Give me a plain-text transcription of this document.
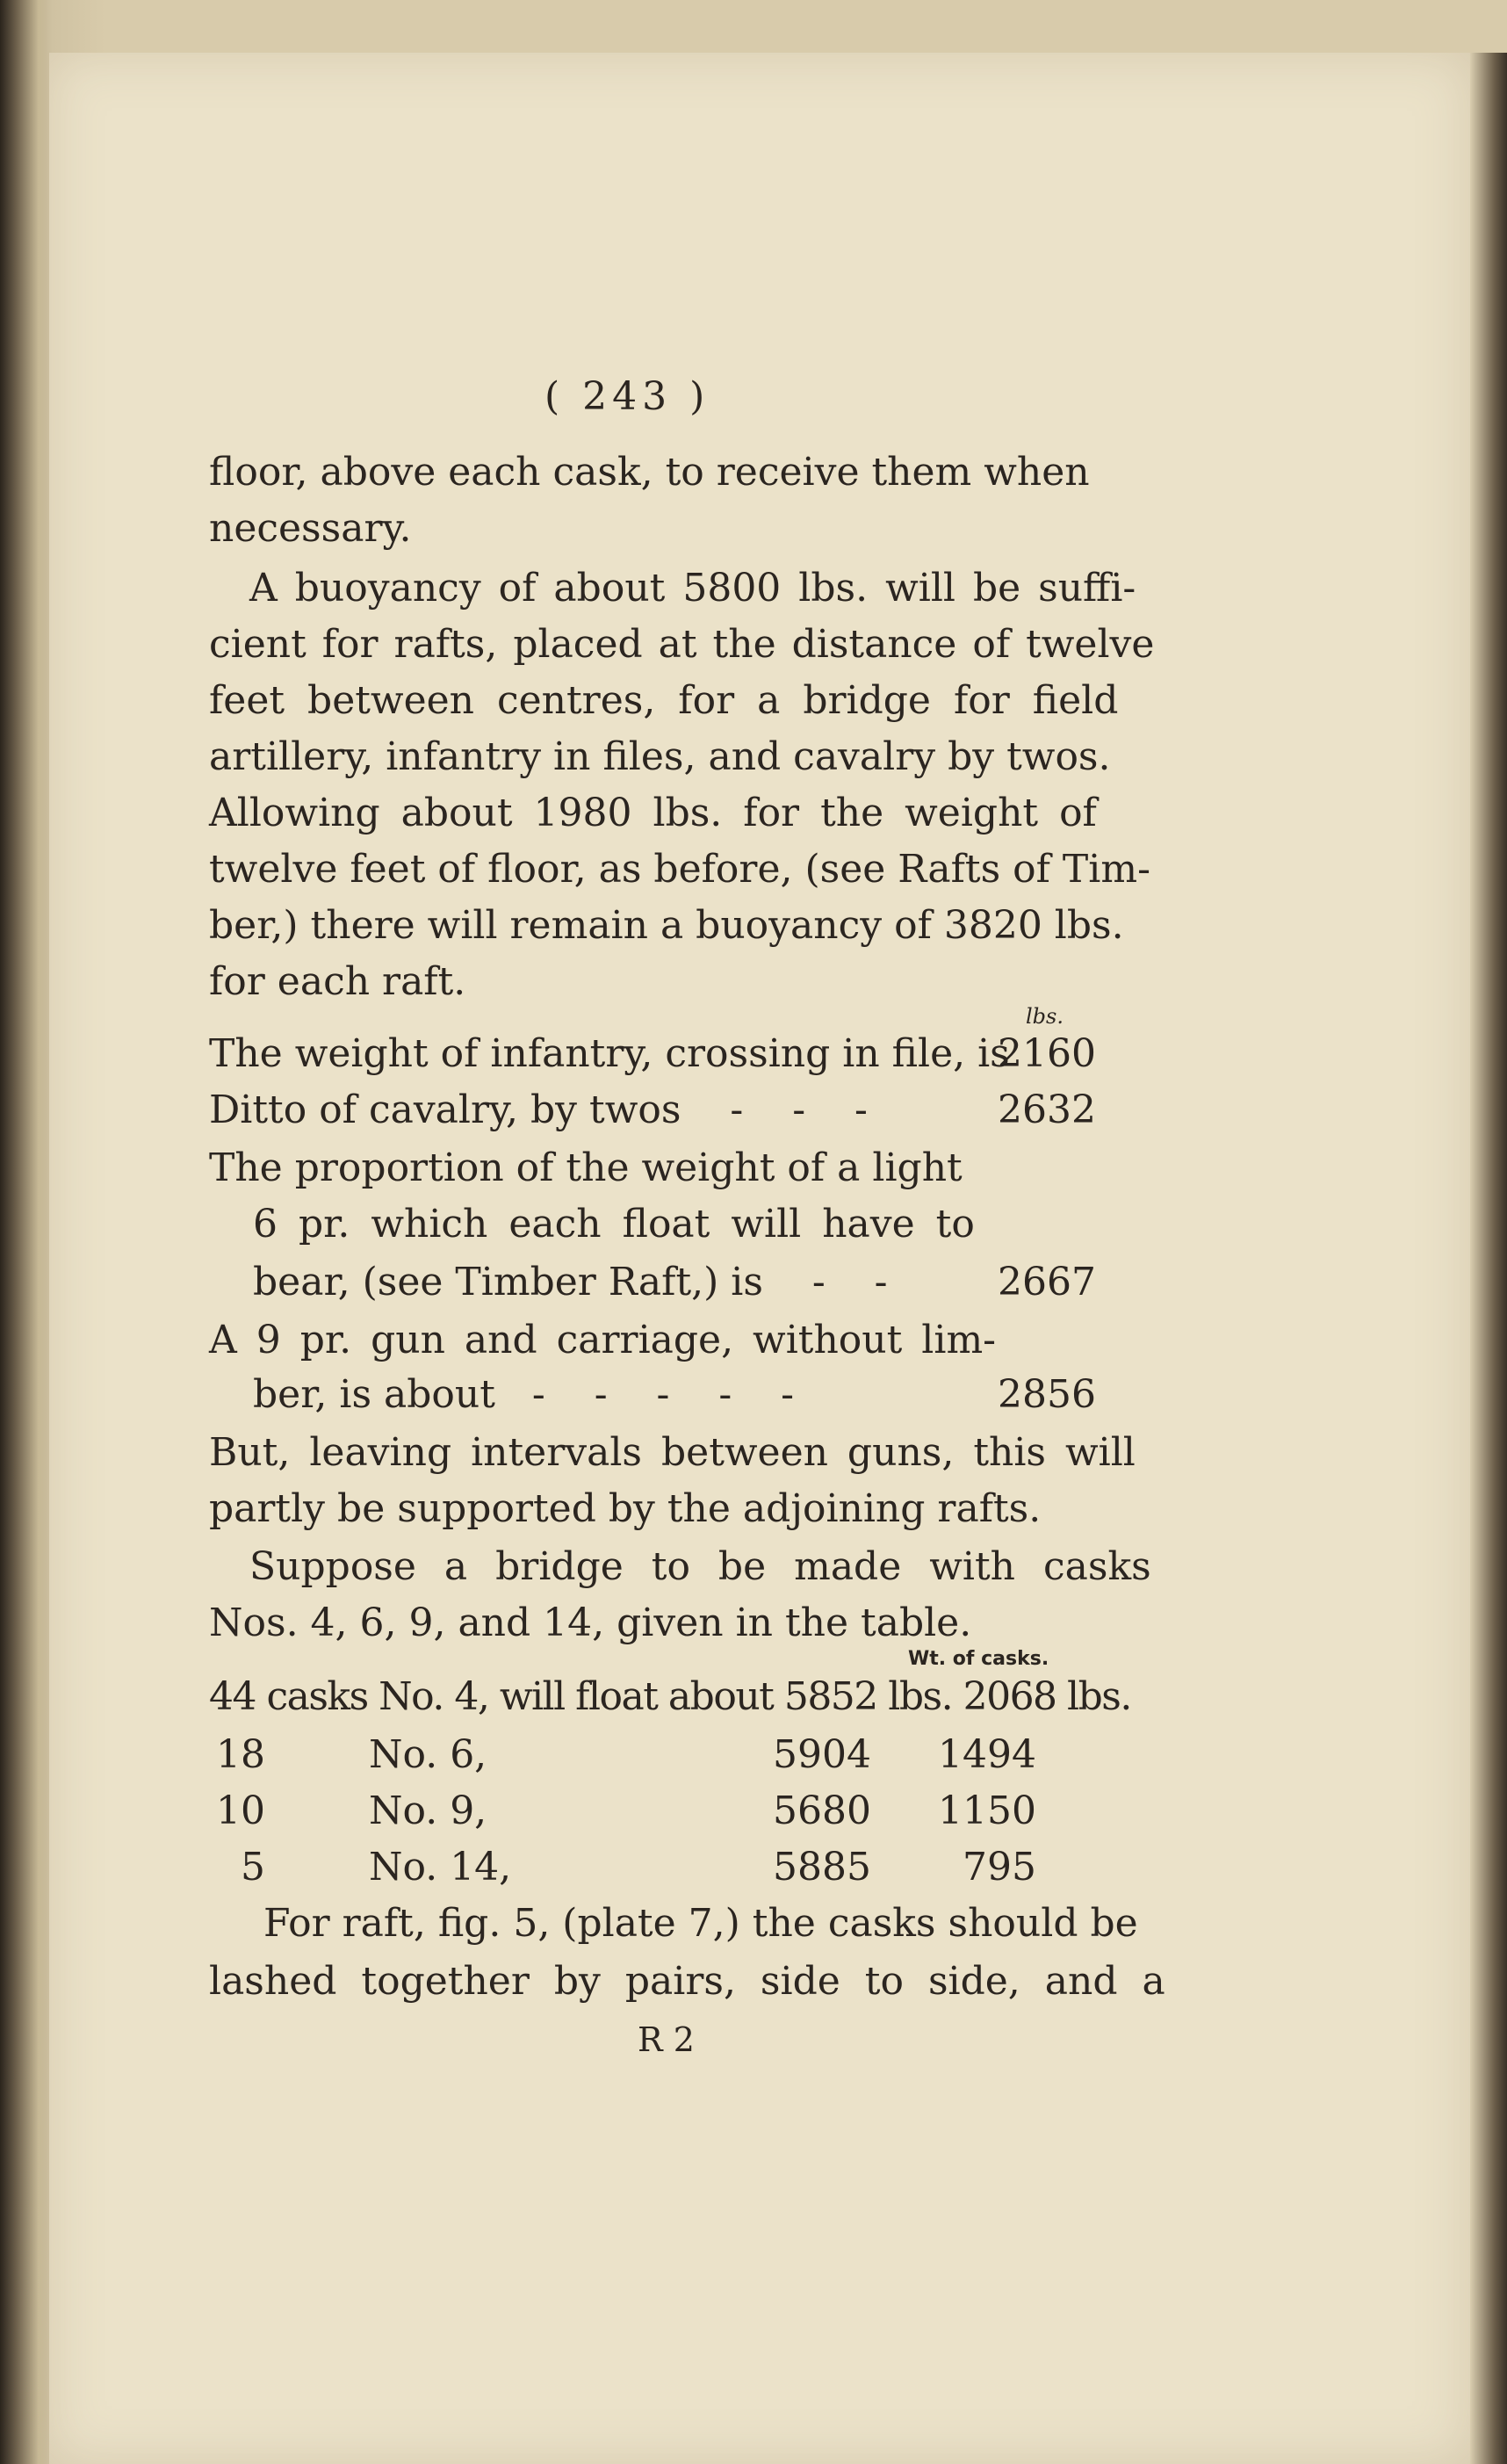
( 243 )
floor, above each cask, to receive them when
necessary.
A buoyancy of about 5800 lbs. will be suffi-
cient for rafts, placed at the distance of twelve
feet between centres, for a bridge for field
artillery, infantry in files, and cavalry by twos.
Allowing about 1980 lbs. for the weight of
twelve feet of floor, as before, (see Rafts of Tim-
ber,) there will remain a buoyancy of 3820 lbs.
for each raft.
lbs.
The weight of infantry, crossing in file, is
2160
Ditto of cavalry, by twos    -    -    -	2632
The proportion of the weight of a light
6 pr. which each float will have to
bear, (see Timber Raft,) is    -    -	2667
A 9 pr. gun and carriage, without lim-
ber, is about   -    -    -    -    -	2856
But, leaving intervals between guns, this will
partly be supported by the adjoining rafts.
Suppose a bridge to be made with casks
Nos. 4, 6, 9, and 14, given in the table.
Wt. of casks.
44 casks No. 4, will float about 5852 lbs. 2068 lbs.
18	No. 6,	5904 1494
10	No. 9,	5680 1150
5	No. 14,	5885 795
For raft, fig. 5, (plate 7,) the casks should be
lashed together by pairs, side to side, and a
R 2
